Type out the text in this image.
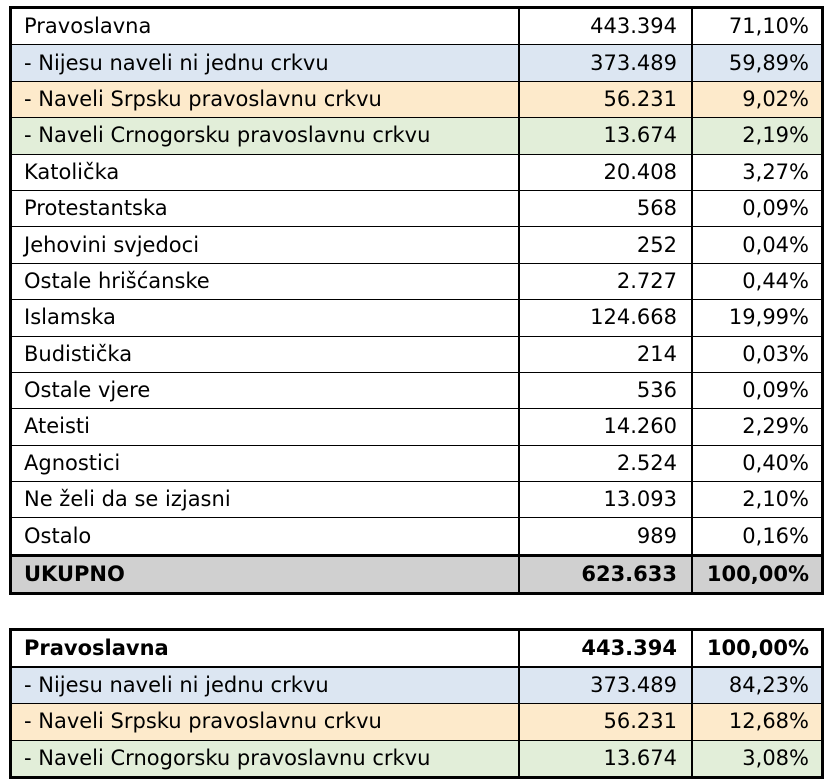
Pravoslavna	443.394	71,10%
- Nijesu naveli ni jednu crkvu	373.489	59,89%
- Naveli Srpsku pravoslavnu crkvu	56.231	9,02%
- Naveli Crnogorsku pravoslavnu crkvu	13.674	2,19%
Katolička	20.408	3,27%
Protestantska	568	0,09%
Jehovini svjedoci	252	0,04%
Ostale hrišćanske	2.727	0,44%
Islamska	124.668	19,99%
Budistička	214	0,03%
Ostale vjere	536	0,09%
Ateisti	14.260	2,29%
Agnostici	2.524	0,40%
Ne želi da se izjasni	13.093	2,10%
Ostalo	989	0,16%
UKUPNO	623.633	100,00%
Pravoslavna	443.394	100,00%
- Nijesu naveli ni jednu crkvu	373.489	84,23%
- Naveli Srpsku pravoslavnu crkvu	56.231	12,68%
- Naveli Crnogorsku pravoslavnu crkvu	13.674	3,08%
